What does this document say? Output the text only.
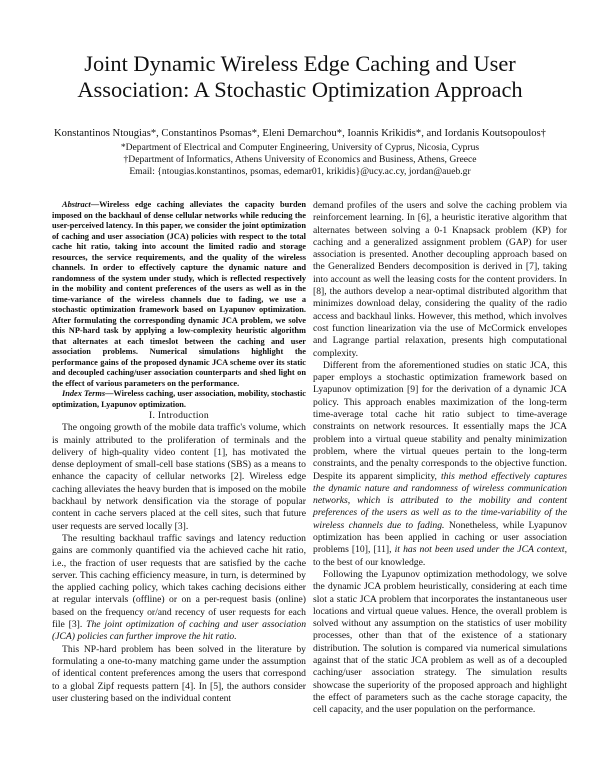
Joint Dynamic Wireless Edge Caching and User
Association: A Stochastic Optimization Approach

Konstantinos Ntougias*, Constantinos Psomas*, Eleni Demarchou*, Ioannis Krikidis*, and Iordanis Koutsopoulos†

*Department of Electrical and Computer Engineering, University of Cyprus, Nicosia, Cyprus

†Department of Informatics, Athens University of Economics and Business, Athens, Greece

Email: {ntougias.konstantinos, psomas, edemar01, krikidis}@ucy.ac.cy, jordan@aueb.gr

Abstract—Wireless edge caching alleviates the capacity burden imposed on the backhaul of dense cellular networks while reducing the user-perceived latency. In this paper, we consider the joint optimization of caching and user association (JCA) policies with respect to the total cache hit ratio, taking into account the limited radio and storage resources, the service requirements, and the quality of the wireless channels. In order to effectively capture the dynamic nature and randomness of the system under study, which is reflected respectively in the mobility and content preferences of the users as well as in the time-variance of the wireless channels due to fading, we use a stochastic optimization framework based on Lyapunov optimization. After formulating the corresponding dynamic JCA problem, we solve this NP-hard task by applying a low-complexity heuristic algorithm that alternates at each timeslot between the caching and user association problems. Numerical simulations highlight the performance gains of the proposed dynamic JCA scheme over its static and decoupled caching/user association counterparts and shed light on the effect of various parameters on the performance.

Index Terms—Wireless caching, user association, mobility, stochastic optimization, Lyapunov optimization.

I. Introduction

The ongoing growth of the mobile data traffic's volume, which is mainly attributed to the proliferation of terminals and the delivery of high-quality video content [1], has motivated the dense deployment of small-cell base stations (SBS) as a means to enhance the capacity of cellular networks [2]. Wireless edge caching alleviates the heavy burden that is imposed on the mobile backhaul by network densification via the storage of popular content in cache servers placed at the cell sites, such that future user requests are served locally [3].

The resulting backhaul traffic savings and latency reduction gains are commonly quantified via the achieved cache hit ratio, i.e., the fraction of user requests that are satisfied by the cache server. This caching efficiency measure, in turn, is determined by the applied caching policy, which takes caching decisions either at regular intervals (offline) or on a per-request basis (online) based on the frequency or/and recency of user requests for each file [3]. The joint optimization of caching and user association (JCA) policies can further improve the hit ratio.

This NP-hard problem has been solved in the literature by formulating a one-to-many matching game under the assumption of identical content preferences among the users that correspond to a global Zipf requests pattern [4]. In [5], the authors consider user clustering based on the individual content

demand profiles of the users and solve the caching problem via reinforcement learning. In [6], a heuristic iterative algorithm that alternates between solving a 0-1 Knapsack problem (KP) for caching and a generalized assignment problem (GAP) for user association is presented. Another decoupling approach based on the Generalized Benders decomposition is derived in [7], taking into account as well the leasing costs for the content providers. In [8], the authors develop a near-optimal distributed algorithm that minimizes download delay, considering the quality of the radio access and backhaul links. However, this method, which involves cost function linearization via the use of McCormick envelopes and Lagrange partial relaxation, presents high computational complexity.

Different from the aforementioned studies on static JCA, this paper employs a stochastic optimization framework based on Lyapunov optimization [9] for the derivation of a dynamic JCA policy. This approach enables maximization of the long-term time-average total cache hit ratio subject to time-average constraints on network resources. It essentially maps the JCA problem into a virtual queue stability and penalty minimization problem, where the virtual queues pertain to the long-term constraints, and the penalty corresponds to the objective function. Despite its apparent simplicity, this method effectively captures the dynamic nature and randomness of wireless communication networks, which is attributed to the mobility and content preferences of the users as well as to the time-variability of the wireless channels due to fading. Nonetheless, while Lyapunov optimization has been applied in caching or user association problems [10], [11], it has not been used under the JCA context, to the best of our knowledge.

Following the Lyapunov optimization methodology, we solve the dynamic JCA problem heuristically, considering at each time slot a static JCA problem that incorporates the instantaneous user locations and virtual queue values. Hence, the overall problem is solved without any assumption on the statistics of user mobility processes, other than that of the existence of a stationary distribution. The solution is compared via numerical simulations against that of the static JCA problem as well as of a decoupled caching/user association strategy. The simulation results showcase the superiority of the proposed approach and highlight the effect of parameters such as the cache storage capacity, the cell capacity, and the user population on the performance.
